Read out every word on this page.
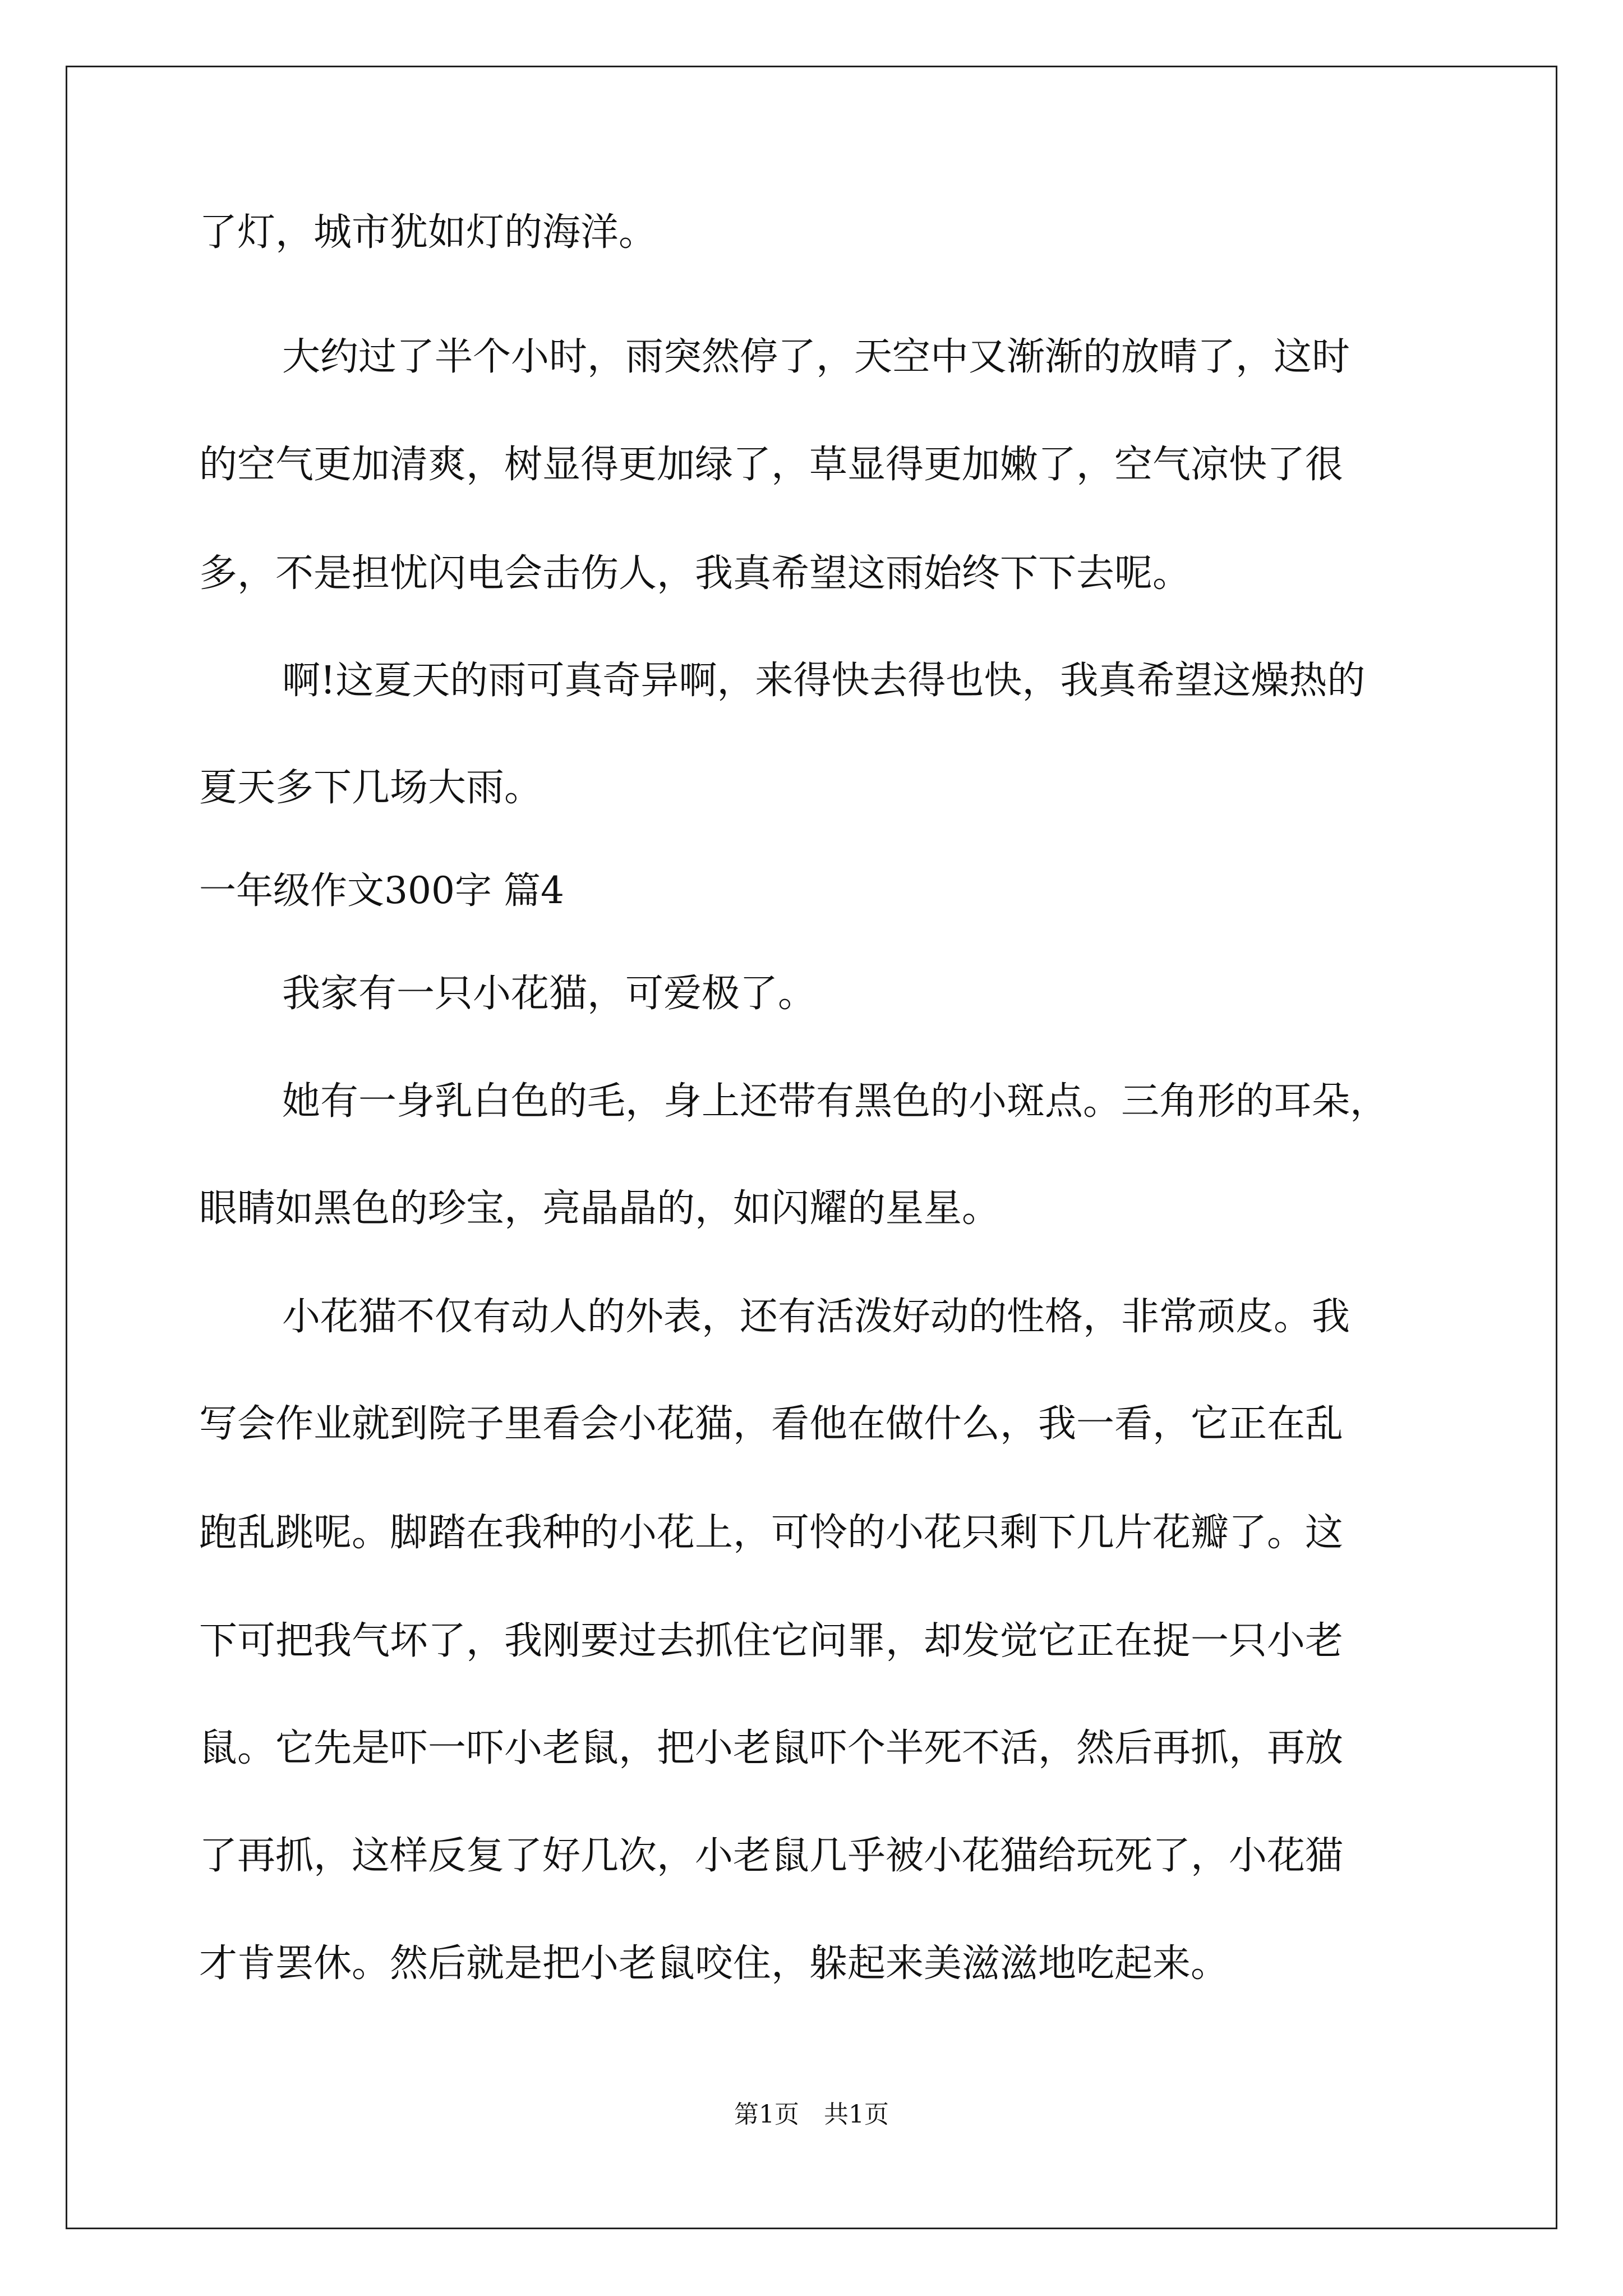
了灯，城市犹如灯的海洋。
大约过了半个小时，雨突然停了，天空中又渐渐的放晴了，这时
的空气更加清爽，树显得更加绿了，草显得更加嫩了，空气凉快了很
多，不是担忧闪电会击伤人，我真希望这雨始终下下去呢。
啊!这夏天的雨可真奇异啊，来得快去得也快，我真希望这燥热的
夏天多下几场大雨。
一年级作文300字 篇4
我家有一只小花猫，可爱极了。
她有一身乳白色的毛，身上还带有黑色的小斑点。三角形的耳朵，
眼睛如黑色的珍宝，亮晶晶的，如闪耀的星星。
小花猫不仅有动人的外表，还有活泼好动的性格，非常顽皮。我
写会作业就到院子里看会小花猫，看他在做什么，我一看，它正在乱
跑乱跳呢。脚踏在我种的小花上，可怜的小花只剩下几片花瓣了。这
下可把我气坏了，我刚要过去抓住它问罪，却发觉它正在捉一只小老
鼠。它先是吓一吓小老鼠，把小老鼠吓个半死不活，然后再抓，再放
了再抓，这样反复了好几次，小老鼠几乎被小花猫给玩死了，小花猫
才肯罢休。然后就是把小老鼠咬住，躲起来美滋滋地吃起来。
第1页　共1页
